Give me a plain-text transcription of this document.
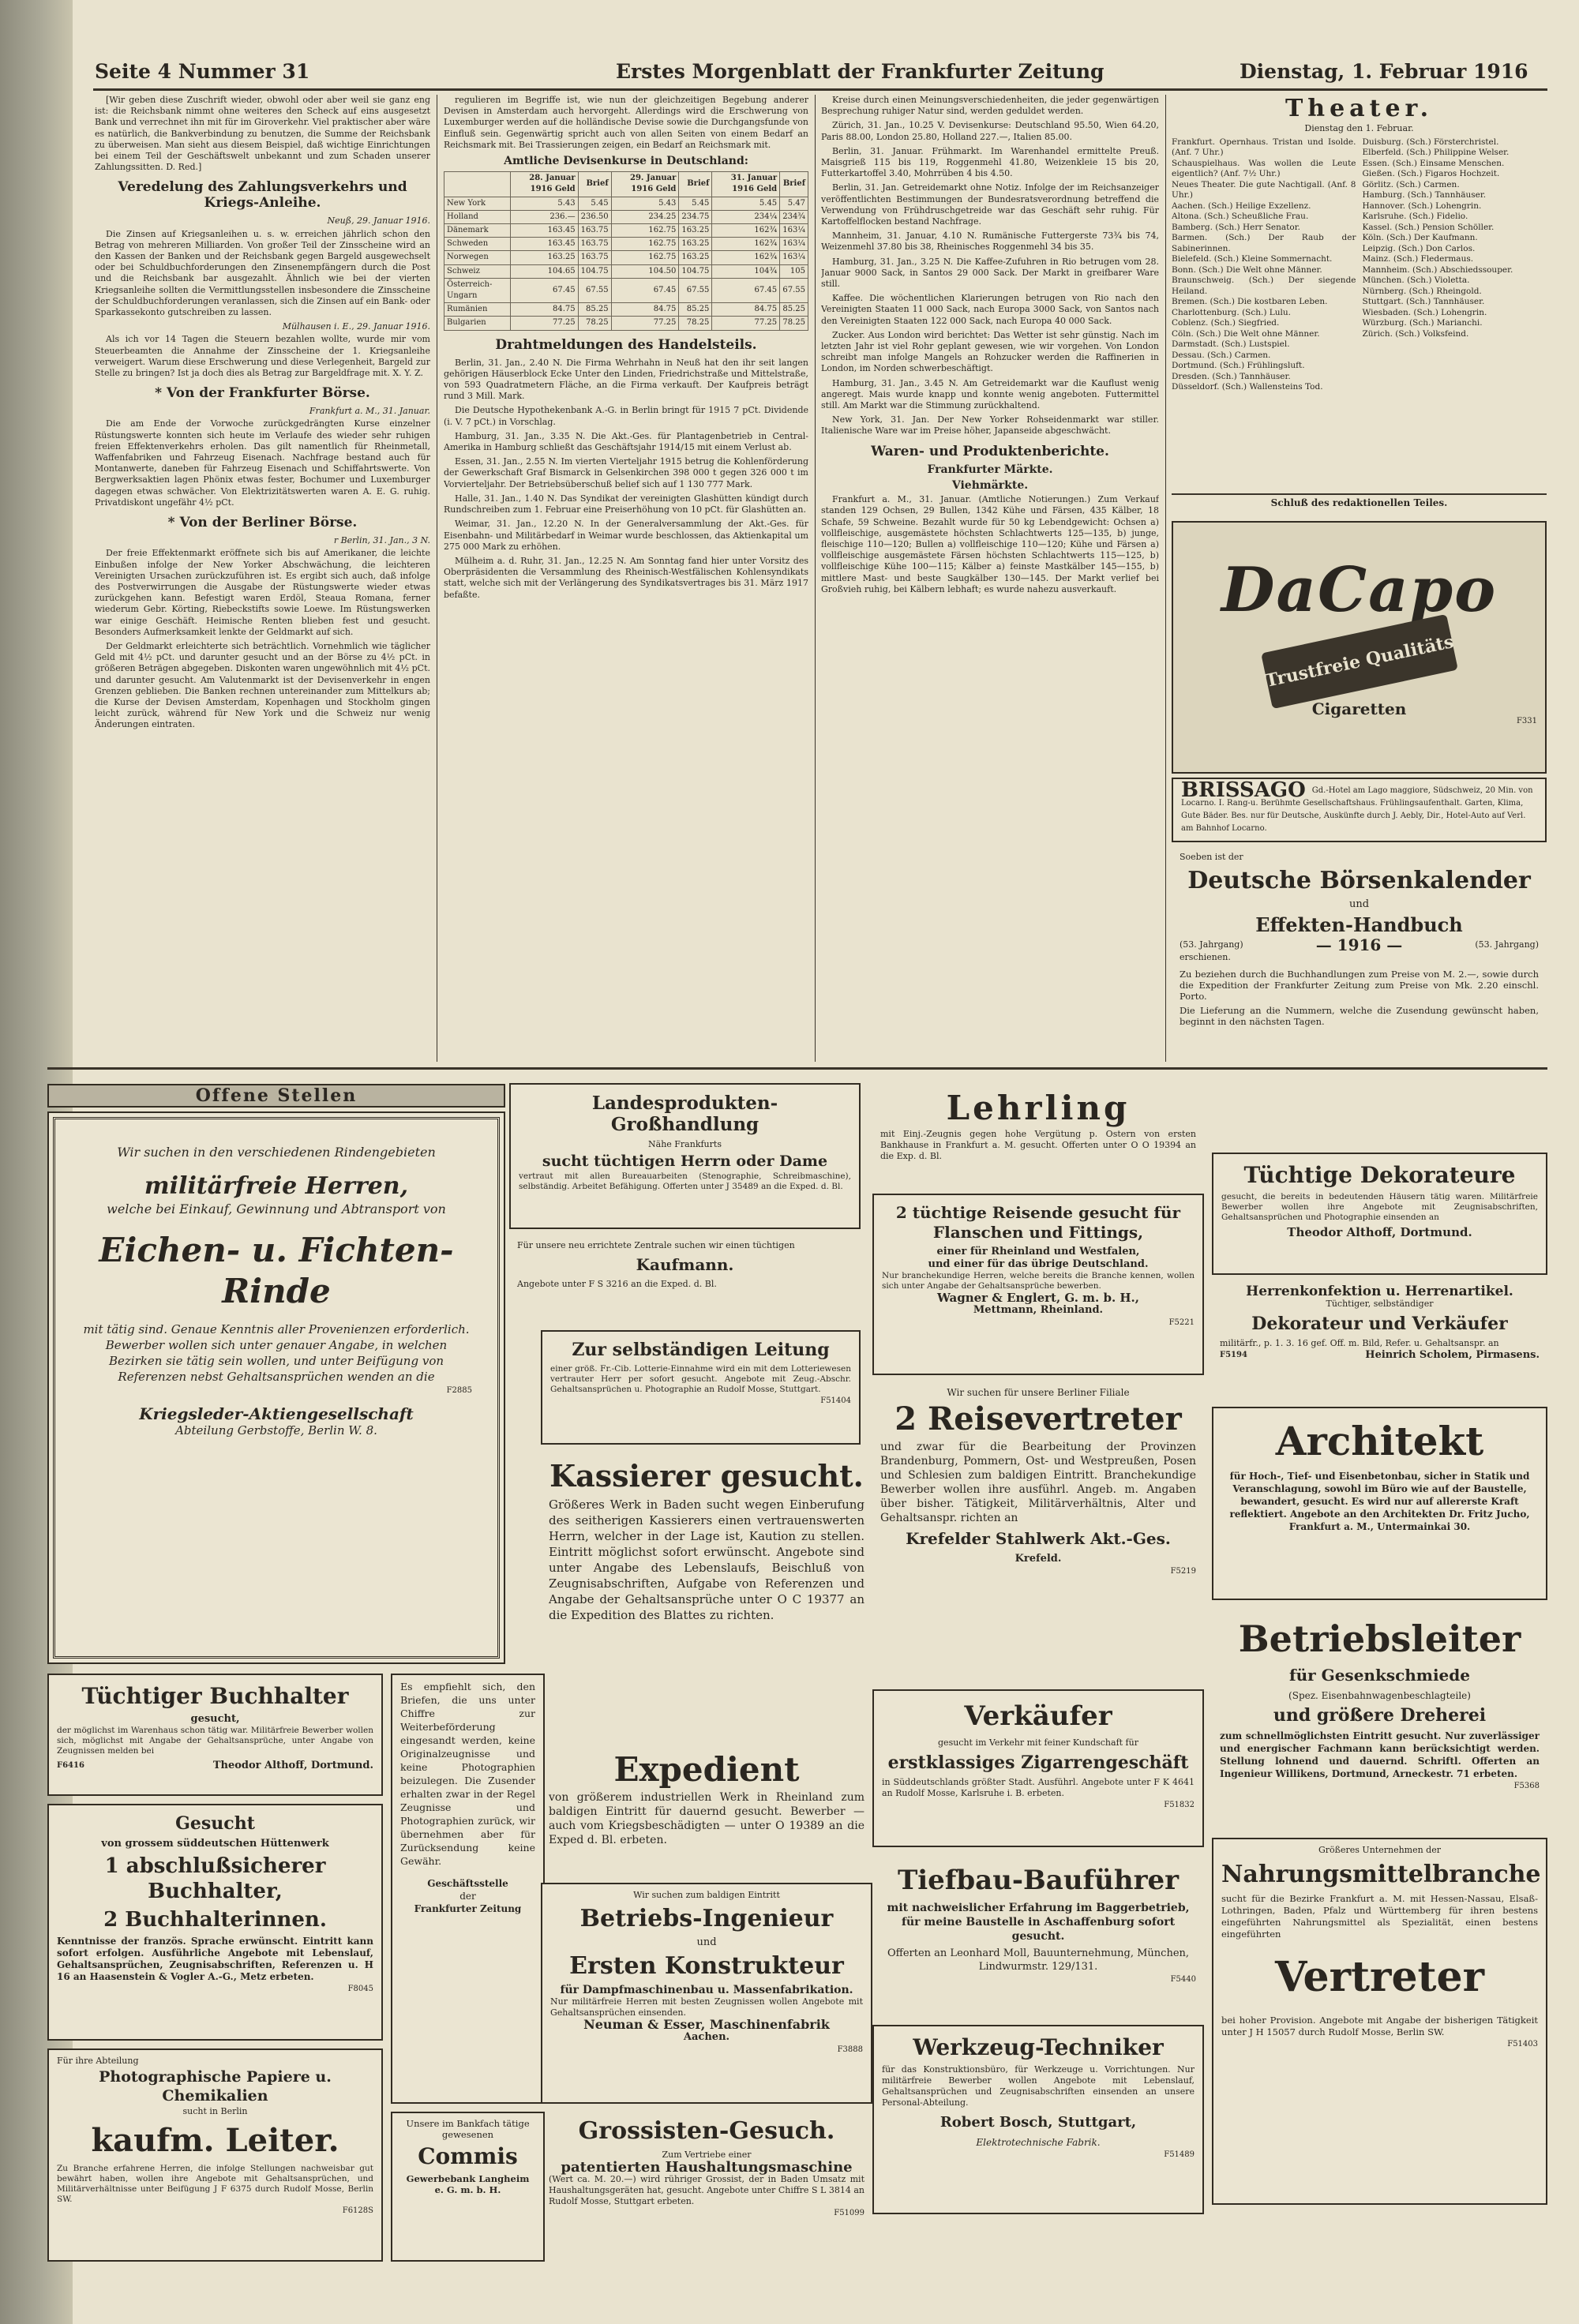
Seite 4 Nummer 31	Erstes Morgenblatt der Frankfurter Zeitung	Dienstag, 1. Februar 1916

[Wir geben diese Zuschrift wieder, obwohl oder aber weil sie ganz eng ist: die Reichsbank nimmt ohne weiteres den Scheck auf eins ausgesetzt Bank und verrechnet ihn mit für im Giroverkehr. Viel praktischer aber wäre es natürlich, die Bankverbindung zu benutzen, die Summe der Reichsbank zu überweisen. Man sieht aus diesem Beispiel, daß wichtige Einrichtungen bei einem Teil der Geschäftswelt unbekannt und zum Schaden unserer Zahlungssitten. D. Red.]

Veredelung des Zahlungsverkehrs und Kriegs-Anleihe.
Neuß, 29. Januar 1916.

Die Zinsen auf Kriegsanleihen u. s. w. erreichen jährlich schon den Betrag von mehreren Milliarden. Von großer Teil der Zinsscheine wird an den Kassen der Banken und der Reichsbank gegen Bargeld ausgewechselt oder bei Schuldbuchforderungen den Zinsenempfängern durch die Post und die Reichsbank bar ausgezahlt. Ähnlich wie bei der vierten Kriegsanleihe sollten die Vermittlungsstellen insbesondere die Zinsscheine der Schuldbuchforderungen veranlassen, sich die Zinsen auf ein Bank- oder Sparkassekonto gutschreiben zu lassen.

Mülhausen i. E., 29. Januar 1916.

Als ich vor 14 Tagen die Steuern bezahlen wollte, wurde mir vom Steuerbeamten die Annahme der Zinsscheine der 1. Kriegsanleihe verweigert. Warum diese Erschwerung und diese Verlegenheit, Bargeld zur Stelle zu bringen? Ist ja doch dies als Betrag zur Bargeldfrage mit. X. Y. Z.

* Von der Frankfurter Börse.
Frankfurt a. M., 31. Januar.

Die am Ende der Vorwoche zurückgedrängten Kurse einzelner Rüstungswerte konnten sich heute im Verlaufe des wieder sehr ruhigen freien Effektenverkehrs erholen. Das gilt namentlich für Rheinmetall, Waffenfabriken und Fahrzeug Eisenach. Nachfrage bestand auch für Montanwerte, daneben für Fahrzeug Eisenach und Schiffahrtswerte. Von Bergwerksaktien lagen Phönix etwas fester, Bochumer und Luxemburger dagegen etwas schwächer. Von Elektrizitätswerten waren A. E. G. ruhig. Privatdiskont ungefähr 4½ pCt.

* Von der Berliner Börse.
r Berlin, 31. Jan., 3 N.

Der freie Effektenmarkt eröffnete sich bis auf Amerikaner, die leichte Einbußen infolge der New Yorker Abschwächung, die leichteren Vereinigten Ursachen zurückzuführen ist. Es ergibt sich auch, daß infolge des Postverwirrungen die Ausgabe der Rüstungswerte wieder etwas zurückgehen kann. Befestigt waren Erdöl, Steaua Romana, ferner wiederum Gebr. Körting, Riebeckstifts sowie Loewe. Im Rüstungswerken war einige Geschäft. Heimische Renten blieben fest und gesucht. Besonders Aufmerksamkeit lenkte der Geldmarkt auf sich.

Der Geldmarkt erleichterte sich beträchtlich. Vornehmlich wie täglicher Geld mit 4½ pCt. und darunter gesucht und an der Börse zu 4½ pCt. in größeren Beträgen abgegeben. Diskonten waren ungewöhnlich mit 4½ pCt. und darunter gesucht. Am Valutenmarkt ist der Devisenverkehr in engen Grenzen geblieben. Die Banken rechnen untereinander zum Mittelkurs ab; die Kurse der Devisen Amsterdam, Kopenhagen und Stockholm gingen leicht zurück, während für New York und die Schweiz nur wenig Änderungen eintraten.

regulieren im Begriffe ist, wie nun der gleichzeitigen Begebung anderer Devisen in Amsterdam auch hervorgeht. Allerdings wird die Erschwerung von Luxemburger werden auf die holländische Devise sowie die Durchgangsfunde von Einfluß sein. Gegenwärtig spricht auch von allen Seiten von einem Bedarf an Reichsmark mit. Bei Trassierungen zeigen, ein Bedarf an Reichsmark mit.

Amtliche Devisenkurse in Deutschland:
	28. Januar 1916 Geld	Brief	29. Januar 1916 Geld	Brief	31. Januar 1916 Geld	Brief
New York	5.43	5.45	5.43	5.45	5.45	5.47
Holland	236.—	236.50	234.25	234.75	234¼	234¾
Dänemark	163.45	163.75	162.75	163.25	162¾	163¼
Schweden	163.45	163.75	162.75	163.25	162¾	163¼
Norwegen	163.25	163.75	162.75	163.25	162¾	163¼
Schweiz	104.65	104.75	104.50	104.75	104¾	105
Österreich-Ungarn	67.45	67.55	67.45	67.55	67.45	67.55
Rumänien	84.75	85.25	84.75	85.25	84.75	85.25
Bulgarien	77.25	78.25	77.25	78.25	77.25	78.25
Drahtmeldungen des Handelsteils.

Berlin, 31. Jan., 2.40 N. Die Firma Wehrhahn in Neuß hat den ihr seit langen gehörigen Häuserblock Ecke Unter den Linden, Friedrichstraße und Mittelstraße, von 593 Quadratmetern Fläche, an die Firma verkauft. Der Kaufpreis beträgt rund 3 Mill. Mark.

Die Deutsche Hypothekenbank A.-G. in Berlin bringt für 1915 7 pCt. Dividende (i. V. 7 pCt.) in Vorschlag.

Hamburg, 31. Jan., 3.35 N. Die Akt.-Ges. für Plantagenbetrieb in Central-Amerika in Hamburg schließt das Geschäftsjahr 1914/15 mit einem Verlust ab.

Essen, 31. Jan., 2.55 N. Im vierten Vierteljahr 1915 betrug die Kohlenförderung der Gewerkschaft Graf Bismarck in Gelsenkirchen 398 000 t gegen 326 000 t im Vorvierteljahr. Der Betriebsüberschuß belief sich auf 1 130 777 Mark.

Halle, 31. Jan., 1.40 N. Das Syndikat der vereinigten Glashütten kündigt durch Rundschreiben zum 1. Februar eine Preiserhöhung von 10 pCt. für Glashütten an.

Weimar, 31. Jan., 12.20 N. In der Generalversammlung der Akt.-Ges. für Eisenbahn- und Militärbedarf in Weimar wurde beschlossen, das Aktienkapital um 275 000 Mark zu erhöhen.

Mülheim a. d. Ruhr, 31. Jan., 12.25 N. Am Sonntag fand hier unter Vorsitz des Oberpräsidenten die Versammlung des Rheinisch-Westfälischen Kohlensyndikats statt, welche sich mit der Verlängerung des Syndikatsvertrages bis 31. März 1917 befaßte.

Kreise durch einen Meinungsverschiedenheiten, die jeder gegenwärtigen Besprechung ruhiger Natur sind, werden geduldet werden.

Zürich, 31. Jan., 10.25 V. Devisenkurse: Deutschland 95.50, Wien 64.20, Paris 88.00, London 25.80, Holland 227.—, Italien 85.00.

Berlin, 31. Januar. Frühmarkt. Im Warenhandel ermittelte Preuß. Maisgrieß 115 bis 119, Roggenmehl 41.80, Weizenkleie 15 bis 20, Futterkartoffel 3.40, Mohrrüben 4 bis 4.50.

Berlin, 31. Jan. Getreidemarkt ohne Notiz. Infolge der im Reichsanzeiger veröffentlichten Bestimmungen der Bundesratsverordnung betreffend die Verwendung von Frühdruschgetreide war das Geschäft sehr ruhig. Für Kartoffelflocken bestand Nachfrage.

Mannheim, 31. Januar, 4.10 N. Rumänische Futtergerste 73¾ bis 74, Weizenmehl 37.80 bis 38, Rheinisches Roggenmehl 34 bis 35.

Hamburg, 31. Jan., 3.25 N. Die Kaffee-Zufuhren in Rio betrugen vom 28. Januar 9000 Sack, in Santos 29 000 Sack. Der Markt in greifbarer Ware still.

Kaffee. Die wöchentlichen Klarierungen betrugen von Rio nach den Vereinigten Staaten 11 000 Sack, nach Europa 3000 Sack, von Santos nach den Vereinigten Staaten 122 000 Sack, nach Europa 40 000 Sack.

Zucker. Aus London wird berichtet: Das Wetter ist sehr günstig. Nach im letzten Jahr ist viel Rohr geplant gewesen, wie wir vorgehen. Von London schreibt man infolge Mangels an Rohzucker werden die Raffinerien in London, im Norden schwerbeschäftigt.

Hamburg, 31. Jan., 3.45 N. Am Getreidemarkt war die Kauflust wenig angeregt. Mais wurde knapp und konnte wenig angeboten. Futtermittel still. Am Markt war die Stimmung zurückhaltend.

New York, 31. Jan. Der New Yorker Rohseidenmarkt war stiller. Italienische Ware war im Preise höher, Japanseide abgeschwächt.

Waren- und Produktenberichte.
Frankfurter Märkte.
Viehmärkte.

Frankfurt a. M., 31. Januar. (Amtliche Notierungen.) Zum Verkauf standen 129 Ochsen, 29 Bullen, 1342 Kühe und Färsen, 435 Kälber, 18 Schafe, 59 Schweine. Bezahlt wurde für 50 kg Lebendgewicht: Ochsen a) vollfleischige, ausgemästete höchsten Schlachtwerts 125—135, b) junge, fleischige 110—120; Bullen a) vollfleischige 110—120; Kühe und Färsen a) vollfleischige ausgemästete Färsen höchsten Schlachtwerts 115—125, b) vollfleischige Kühe 100—115; Kälber a) feinste Mastkälber 145—155, b) mittlere Mast- und beste Saugkälber 130—145. Der Markt verlief bei Großvieh ruhig, bei Kälbern lebhaft; es wurde nahezu ausverkauft.

Theater.
Dienstag den 1. Februar.

Frankfurt. Opernhaus. Tristan und Isolde. (Anf. 7 Uhr.)

Schauspielhaus. Was wollen die Leute eigentlich? (Anf. 7½ Uhr.)

Neues Theater. Die gute Nachtigall. (Anf. 8 Uhr.)

Aachen. (Sch.) Heilige Exzellenz.

Altona. (Sch.) Scheußliche Frau.

Bamberg. (Sch.) Herr Senator.

Barmen. (Sch.) Der Raub der Sabinerinnen.

Bielefeld. (Sch.) Kleine Sommernacht.

Bonn. (Sch.) Die Welt ohne Männer.

Braunschweig. (Sch.) Der siegende Heiland.

Bremen. (Sch.) Die kostbaren Leben.

Charlottenburg. (Sch.) Lulu.

Coblenz. (Sch.) Siegfried.

Cöln. (Sch.) Die Welt ohne Männer.

Darmstadt. (Sch.) Lustspiel.

Dessau. (Sch.) Carmen.

Dortmund. (Sch.) Frühlingsluft.

Dresden. (Sch.) Tannhäuser.

Düsseldorf. (Sch.) Wallensteins Tod.

Duisburg. (Sch.) Försterchristel.

Elberfeld. (Sch.) Philippine Welser.

Essen. (Sch.) Einsame Menschen.

Gießen. (Sch.) Figaros Hochzeit.

Görlitz. (Sch.) Carmen.

Hamburg. (Sch.) Tannhäuser.

Hannover. (Sch.) Lohengrin.

Karlsruhe. (Sch.) Fidelio.

Kassel. (Sch.) Pension Schöller.

Köln. (Sch.) Der Kaufmann.

Leipzig. (Sch.) Don Carlos.

Mainz. (Sch.) Fledermaus.

Mannheim. (Sch.) Abschiedssouper.

München. (Sch.) Violetta.

Nürnberg. (Sch.) Rheingold.

Stuttgart. (Sch.) Tannhäuser.

Wiesbaden. (Sch.) Lohengrin.

Würzburg. (Sch.) Marianchi.

Zürich. (Sch.) Volksfeind.

Schluß des redaktionellen Teiles.
DaCapo
Trustfreie

Qualitäts
Cigaretten
F331
BRISSAGO Gd.-Hotel am Lago maggiore, Südschweiz, 20 Min. von Locarno. I. Rang-u. Berühmte Gesellschaftshaus. Frühlingsaufenthalt. Garten, Klima, Gute Bäder. Bes. nur für Deutsche, Auskünfte durch J. Aebly, Dir., Hotel-Auto auf Verl. am Bahnhof Locarno.
Soeben ist der
Deutsche Börsenkalender
und
Effekten-Handbuch
(53. Jahrgang)	— 1916 —	(53. Jahrgang)
erschienen.
Zu beziehen durch die Buchhandlungen zum Preise von M. 2.—, sowie durch die Expedition der Frankfurter Zeitung zum Preise von Mk. 2.20 einschl. Porto.
Die Lieferung an die Nummern, welche die Zusendung gewünscht haben, beginnt in den nächsten Tagen.
Offene Stellen
Wir suchen in den verschiedenen Rindengebieten
militärfreie Herren,
welche bei Einkauf, Gewinnung und Abtransport von
Eichen- u. Fichten-
Rinde
mit tätig sind. Genaue Kenntnis aller Provenienzen erforderlich. Bewerber wollen sich unter genauer Angabe, in welchen Bezirken sie tätig sein wollen, und unter Beifügung von Referenzen nebst Gehaltsansprüchen wenden an die
F2885
Kriegsleder-Aktiengesellschaft
Abteilung Gerbstoffe, Berlin W. 8.
Tüchtiger Buchhalter
gesucht,
der möglichst im Warenhaus schon tätig war. Militärfreie Bewerber wollen sich, möglichst mit Angabe der Gehaltsansprüche, unter Angabe von Zeugnissen melden bei
F6416	Theodor Althoff, Dortmund.
Gesucht
von grossem süddeutschen Hüttenwerk
1 abschlußsicherer Buchhalter,
2 Buchhalterinnen.
Kenntnisse der französ. Sprache erwünscht. Eintritt kann sofort erfolgen. Ausführliche Angebote mit Lebenslauf, Gehaltsansprüchen, Zeugnisabschriften, Referenzen u. H 16 an Haasenstein & Vogler A.-G., Metz erbeten.
F8045
Für ihre Abteilung
Photographische Papiere u. Chemikalien
sucht in Berlin
kaufm. Leiter.
Zu Branche erfahrene Herren, die infolge Stellungen nachweisbar gut bewährt haben, wollen ihre Angebote mit Gehaltsansprüchen, und Militärverhältnisse unter Beifügung J F 6375 durch Rudolf Mosse, Berlin SW.
F6128S
Es empfiehlt sich, den Briefen, die uns unter Chiffre zur Weiterbeförderung eingesandt werden, keine Originalzeugnisse und keine Photographien beizulegen. Die Zusender erhalten zwar in der Regel Zeugnisse und Photographien zurück, wir übernehmen aber für Zurücksendung keine Gewähr.
Geschäftsstelle
der
Frankfurter Zeitung
Unsere im Bankfach tätige gewesenen
Commis
Gewerbebank Langheim e. G. m. b. H.
Landesprodukten-Großhandlung
Nähe Frankfurts
sucht tüchtigen Herrn oder Dame
vertraut mit allen Bureauarbeiten (Stenographie, Schreibmaschine), selbständig. Arbeitet Befähigung. Offerten unter J 35489 an die Exped. d. Bl.
Für unsere neu errichtete Zentrale suchen wir einen tüchtigen
Kaufmann.
Angebote unter F S 3216 an die Exped. d. Bl.
Zur selbständigen Leitung
einer größ. Fr.-Cib. Lotterie-Einnahme wird ein mit dem Lotteriewesen vertrauter Herr per sofort gesucht. Angebote mit Zeug.-Abschr. Gehaltsansprüchen u. Photographie an Rudolf Mosse, Stuttgart.
F51404
Kassierer gesucht.
Größeres Werk in Baden sucht wegen Einberufung des seitherigen Kassierers einen vertrauenswerten Herrn, welcher in der Lage ist, Kaution zu stellen. Eintritt möglichst sofort erwünscht. Angebote sind unter Angabe des Lebenslaufs, Beischluß von Zeugnisabschriften, Aufgabe von Referenzen und Angabe der Gehaltsansprüche unter O C 19377 an die Expedition des Blattes zu richten.
Expedient
von größerem industriellen Werk in Rheinland zum baldigen Eintritt für dauernd gesucht. Bewerber — auch vom Kriegsbeschädigten — unter O 19389 an die Exped d. Bl. erbeten.
Wir suchen zum baldigen Eintritt
Betriebs-Ingenieur
und
Ersten Konstrukteur
für Dampfmaschinenbau u. Massenfabrikation.
Nur militärfreie Herren mit besten Zeugnissen wollen Angebote mit Gehaltsansprüchen einsenden.
Neuman & Esser, Maschinenfabrik
Aachen.
F3888
Grossisten-Gesuch.
Zum Vertriebe einer
patentierten Haushaltungsmaschine
(Wert ca. M. 20.—) wird rühriger Grossist, der in Baden Umsatz mit Haushaltungsgeräten hat, gesucht. Angebote unter Chiffre S L 3814 an Rudolf Mosse, Stuttgart erbeten.
F51099
Lehrling
mit Einj.-Zeugnis gegen hohe Vergütung p. Ostern von ersten Bankhause in Frankfurt a. M. gesucht. Offerten unter O O 19394 an die Exp. d. Bl.
2 tüchtige Reisende gesucht für Flanschen und Fittings,
einer für Rheinland und Westfalen,
und einer für das übrige Deutschland.
Nur branchekundige Herren, welche bereits die Branche kennen, wollen sich unter Angabe der Gehaltsansprüche bewerben.
Wagner & Englert, G. m. b. H.,
Mettmann, Rheinland.
F5221
Wir suchen für unsere Berliner Filiale
2 Reisevertreter
und zwar für die Bearbeitung der Provinzen Brandenburg, Pommern, Ost- und Westpreußen, Posen und Schlesien zum baldigen Eintritt. Branchekundige Bewerber wollen ihre ausführl. Angeb. m. Angaben über bisher. Tätigkeit, Militärverhältnis, Alter und Gehaltsanspr. richten an
Krefelder Stahlwerk Akt.-Ges.
Krefeld.
F5219
Verkäufer
gesucht im Verkehr mit feiner Kundschaft für
erstklassiges Zigarrengeschäft
in Süddeutschlands größter Stadt. Ausführl. Angebote unter F K 4641 an Rudolf Mosse, Karlsruhe i. B. erbeten.
F51832
Tiefbau-Bauführer
mit nachweislicher Erfahrung im Baggerbetrieb, für meine Baustelle in Aschaffenburg sofort gesucht.
Offerten an Leonhard Moll, Bauunternehmung, München, Lindwurmstr. 129/131.
F5440
Werkzeug-Techniker
für das Konstruktionsbüro, für Werkzeuge u. Vorrichtungen. Nur militärfreie Bewerber wollen Angebote mit Lebenslauf, Gehaltsansprüchen und Zeugnisabschriften einsenden an unsere Personal-Abteilung.
Robert Bosch, Stuttgart,
Elektrotechnische Fabrik.
F51489
Tüchtige Dekorateure
gesucht, die bereits in bedeutenden Häusern tätig waren. Militärfreie Bewerber wollen ihre Angebote mit Zeugnisabschriften, Gehaltsansprüchen und Photographie einsenden an
Theodor Althoff, Dortmund.
Herrenkonfektion u. Herrenartikel.
Tüchtiger, selbständiger
Dekorateur und Verkäufer
militärfr., p. 1. 3. 16 gef. Off. m. Bild, Refer. u. Gehaltsanspr. an
F5194	Heinrich Scholem, Pirmasens.
Architekt
für Hoch-, Tief- und Eisenbetonbau, sicher in Statik und Veranschlagung, sowohl im Büro wie auf der Baustelle, bewandert, gesucht. Es wird nur auf allererste Kraft reflektiert. Angebote an den Architekten Dr. Fritz Jucho, Frankfurt a. M., Untermainkai 30.
Betriebsleiter
für Gesenkschmiede
(Spez. Eisenbahnwagenbeschlagteile)
und größere Dreherei
zum schnellmöglichsten Eintritt gesucht. Nur zuverlässiger und energischer Fachmann kann berücksichtigt werden. Stellung lohnend und dauernd. Schriftl. Offerten an Ingenieur Willikens, Dortmund, Arneckestr. 71 erbeten.
F5368
Größeres Unternehmen der
Nahrungsmittelbranche
sucht für die Bezirke Frankfurt a. M. mit Hessen-Nassau, Elsaß-Lothringen, Baden, Pfalz und Württemberg für ihren bestens eingeführten Nahrungsmittel als Spezialität, einen bestens eingeführten
Vertreter
bei hoher Provision. Angebote mit Angabe der bisherigen Tätigkeit unter J H 15057 durch Rudolf Mosse, Berlin SW.
F51403
